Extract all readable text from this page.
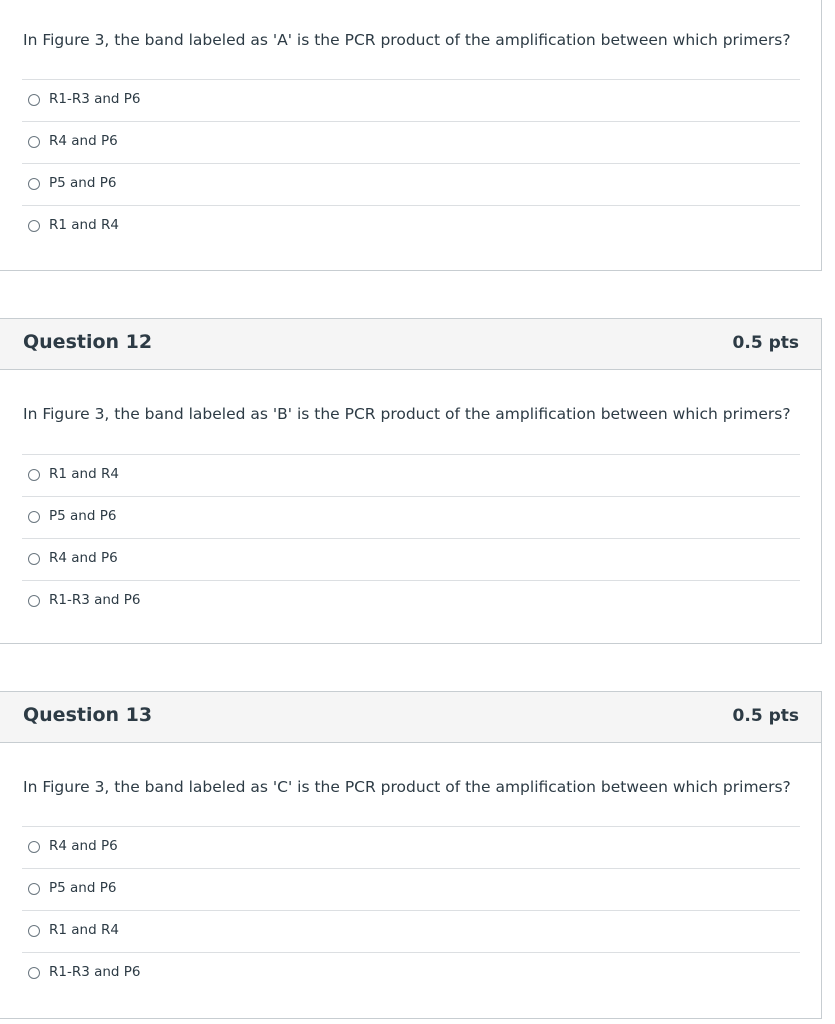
In Figure 3, the band labeled as 'A' is the PCR product of the amplification between which primers?
R1-R3 and P6
R4 and P6
P5 and P6
R1 and R4
Question 12	0.5 pts
In Figure 3, the band labeled as 'B' is the PCR product of the amplification between which primers?
R1 and R4
P5 and P6
R4 and P6
R1-R3 and P6
Question 13	0.5 pts
In Figure 3, the band labeled as 'C' is the PCR product of the amplification between which primers?
R4 and P6
P5 and P6
R1 and R4
R1-R3 and P6
